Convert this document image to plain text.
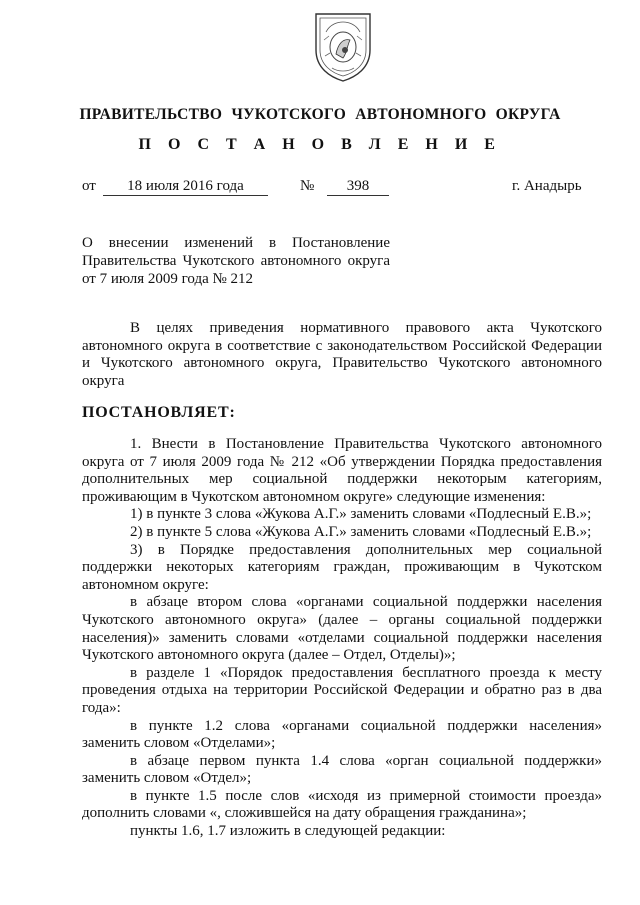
ПРАВИТЕЛЬСТВО ЧУКОТСКОГО АВТОНОМНОГО ОКРУГА
П О С Т А Н О В Л Е Н И Е
от	18 июля 2016 года	№	398	г. Анадырь
О внесении изменений в Постановление Правительства Чукотского автономного округа от 7 июля 2009 года № 212

В целях приведения нормативного правового акта Чукотского автономного округа в соответствие с законодательством Российской Федерации и Чукотского автономного округа, Правительство Чукотского автономного округа

ПОСТАНОВЛЯЕТ:

1. Внести в Постановление Правительства Чукотского автономного округа от 7 июля 2009 года № 212 «Об утверждении Порядка предоставления дополнительных мер социальной поддержки некоторым категориям, проживающим в Чукотском автономном округе» следующие изменения:

1) в пункте 3 слова «Жукова А.Г.» заменить словами «Подлесный Е.В.»;

2) в пункте 5 слова «Жукова А.Г.» заменить словами «Подлесный Е.В.»;

3) в Порядке предоставления дополнительных мер социальной поддержки некоторых категориям граждан, проживающим в Чукотском автономном округе:

в абзаце втором слова «органами социальной поддержки населения Чукотского автономного округа» (далее – органы социальной поддержки населения)» заменить словами «отделами социальной поддержки населения Чукотского автономного округа (далее – Отдел, Отделы)»;

в разделе 1 «Порядок предоставления бесплатного проезда к месту проведения отдыха на территории Российской Федерации и обратно раз в два года»:

в пункте 1.2 слова «органами социальной поддержки населения» заменить словом «Отделами»;

в абзаце первом пункта 1.4 слова «орган социальной поддержки» заменить словом «Отдел»;

в пункте 1.5 после слов «исходя из примерной стоимости проезда» дополнить словами «, сложившейся на дату обращения гражданина»;

пункты 1.6, 1.7 изложить в следующей редакции:
